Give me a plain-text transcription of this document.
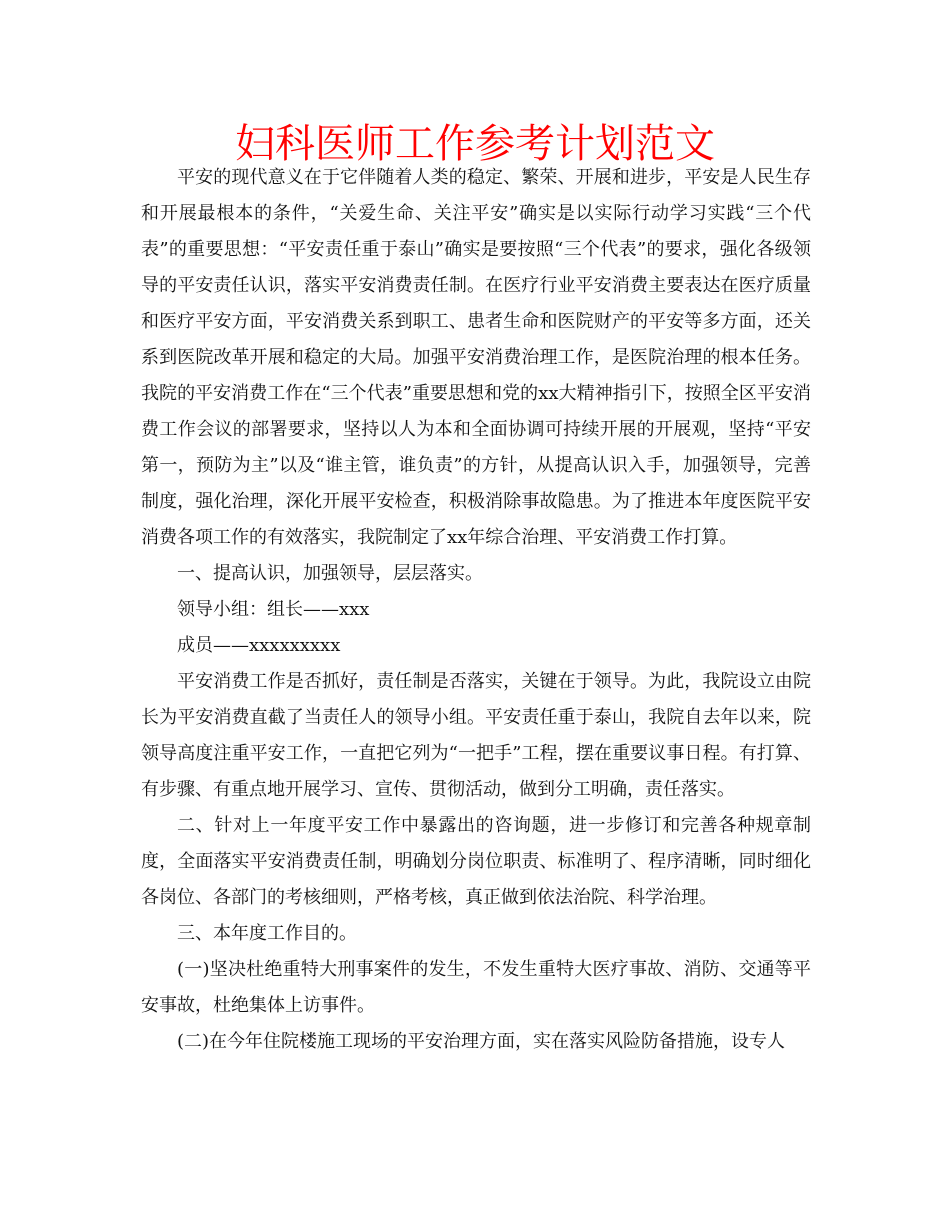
妇科医师工作参考计划范文

平安的现代意义在于它伴随着人类的稳定、繁荣、开展和进步，平安是人民生存和开展最根本的条件，“关爱生命、关注平安”确实是以实际行动学习实践“三个代表”的重要思想：“平安责任重于泰山”确实是要按照“三个代表”的要求，强化各级领导的平安责任认识，落实平安消费责任制。在医疗行业平安消费主要表达在医疗质量和医疗平安方面，平安消费关系到职工、患者生命和医院财产的平安等多方面，还关系到医院改革开展和稳定的大局。加强平安消费治理工作，是医院治理的根本任务。我院的平安消费工作在“三个代表”重要思想和党的xx大精神指引下，按照全区平安消费工作会议的部署要求，坚持以人为本和全面协调可持续开展的开展观，坚持“平安第一，预防为主”以及“谁主管，谁负责”的方针，从提高认识入手，加强领导，完善制度，强化治理，深化开展平安检查，积极消除事故隐患。为了推进本年度医院平安消费各项工作的有效落实，我院制定了xx年综合治理、平安消费工作打算。

一、提高认识，加强领导，层层落实。

领导小组：组长——xxx

成员——xxxxxxxxx

平安消费工作是否抓好，责任制是否落实，关键在于领导。为此，我院设立由院长为平安消费直截了当责任人的领导小组。平安责任重于泰山，我院自去年以来，院领导高度注重平安工作，一直把它列为“一把手”工程，摆在重要议事日程。有打算、有步骤、有重点地开展学习、宣传、贯彻活动，做到分工明确，责任落实。

二、针对上一年度平安工作中暴露出的咨询题，进一步修订和完善各种规章制度，全面落实平安消费责任制，明确划分岗位职责、标准明了、程序清晰，同时细化各岗位、各部门的考核细则，严格考核，真正做到依法治院、科学治理。

三、本年度工作目的。

(一)坚决杜绝重特大刑事案件的发生，不发生重特大医疗事故、消防、交通等平安事故，杜绝集体上访事件。

(二)在今年住院楼施工现场的平安治理方面，实在落实风险防备措施，设专人
